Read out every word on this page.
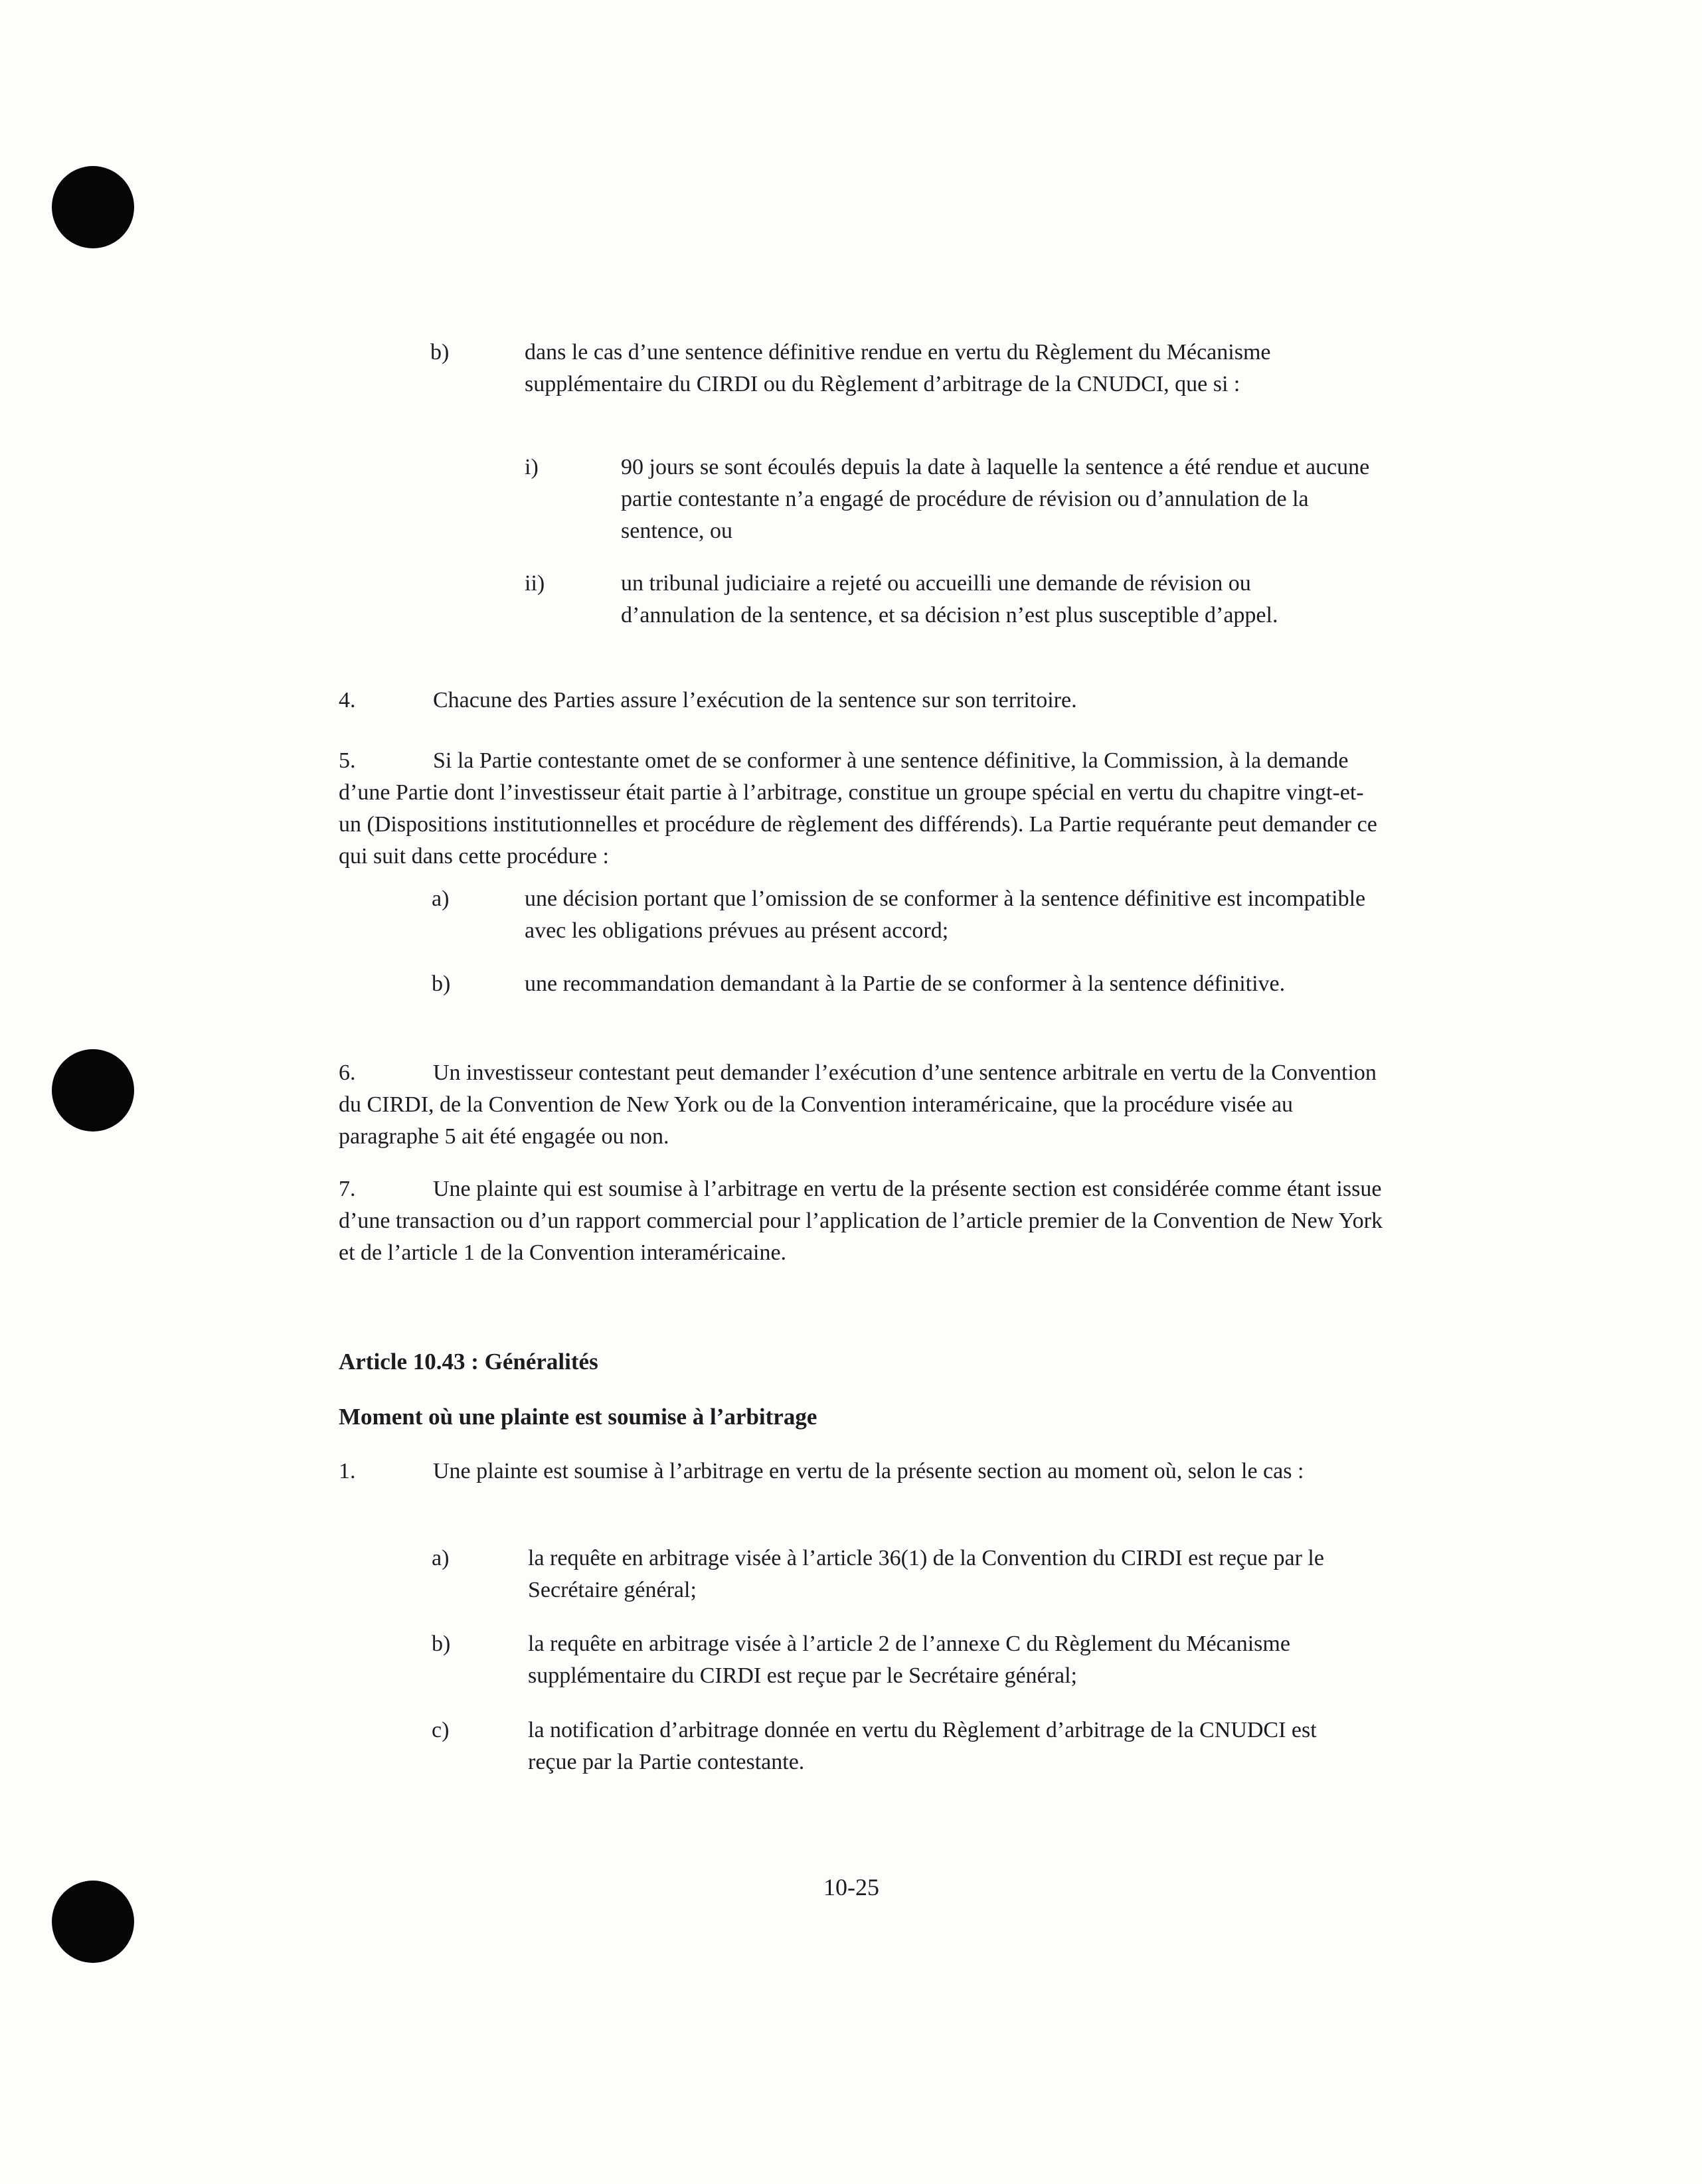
b)	dans le cas d’une sentence définitive rendue en vertu du Règlement du Mécanisme supplémentaire du CIRDI ou du Règlement d’arbitrage de la CNUDCI, que si :

i)	90 jours se sont écoulés depuis la date à laquelle la sentence a été rendue et aucune partie contestante n’a engagé de procédure de révision ou d’annulation de la sentence, ou

ii)	un tribunal judiciaire a rejeté ou accueilli une demande de révision ou d’annulation de la sentence, et sa décision n’est plus susceptible d’appel.

4.	Chacune des Parties assure l’exécution de la sentence sur son territoire.

5.	Si la Partie contestante omet de se conformer à une sentence définitive, la Commission, à la demande d’une Partie dont l’investisseur était partie à l’arbitrage, constitue un groupe spécial en vertu du chapitre vingt-et-un (Dispositions institutionnelles et procédure de règlement des différends). La Partie requérante peut demander ce qui suit dans cette procédure :

a)	une décision portant que l’omission de se conformer à la sentence définitive est incompatible avec les obligations prévues au présent accord;

b)	une recommandation demandant à la Partie de se conformer à la sentence définitive.

6.	Un investisseur contestant peut demander l’exécution d’une sentence arbitrale en vertu de la Convention du CIRDI, de la Convention de New York ou de la Convention interaméricaine, que la procédure visée au paragraphe 5 ait été engagée ou non.

7.	Une plainte qui est soumise à l’arbitrage en vertu de la présente section est considérée comme étant issue d’une transaction ou d’un rapport commercial pour l’application de l’article premier de la Convention de New York et de l’article 1 de la Convention interaméricaine.

Article 10.43 : Généralités

Moment où une plainte est soumise à l’arbitrage

1.	Une plainte est soumise à l’arbitrage en vertu de la présente section au moment où, selon le cas :

a)	la requête en arbitrage visée à l’article 36(1) de la Convention du CIRDI est reçue par le Secrétaire général;

b)	la requête en arbitrage visée à l’article 2 de l’annexe C du Règlement du Mécanisme supplémentaire du CIRDI est reçue par le Secrétaire général;

c)	la notification d’arbitrage donnée en vertu du Règlement d’arbitrage de la CNUDCI est reçue par la Partie contestante.

10-25
